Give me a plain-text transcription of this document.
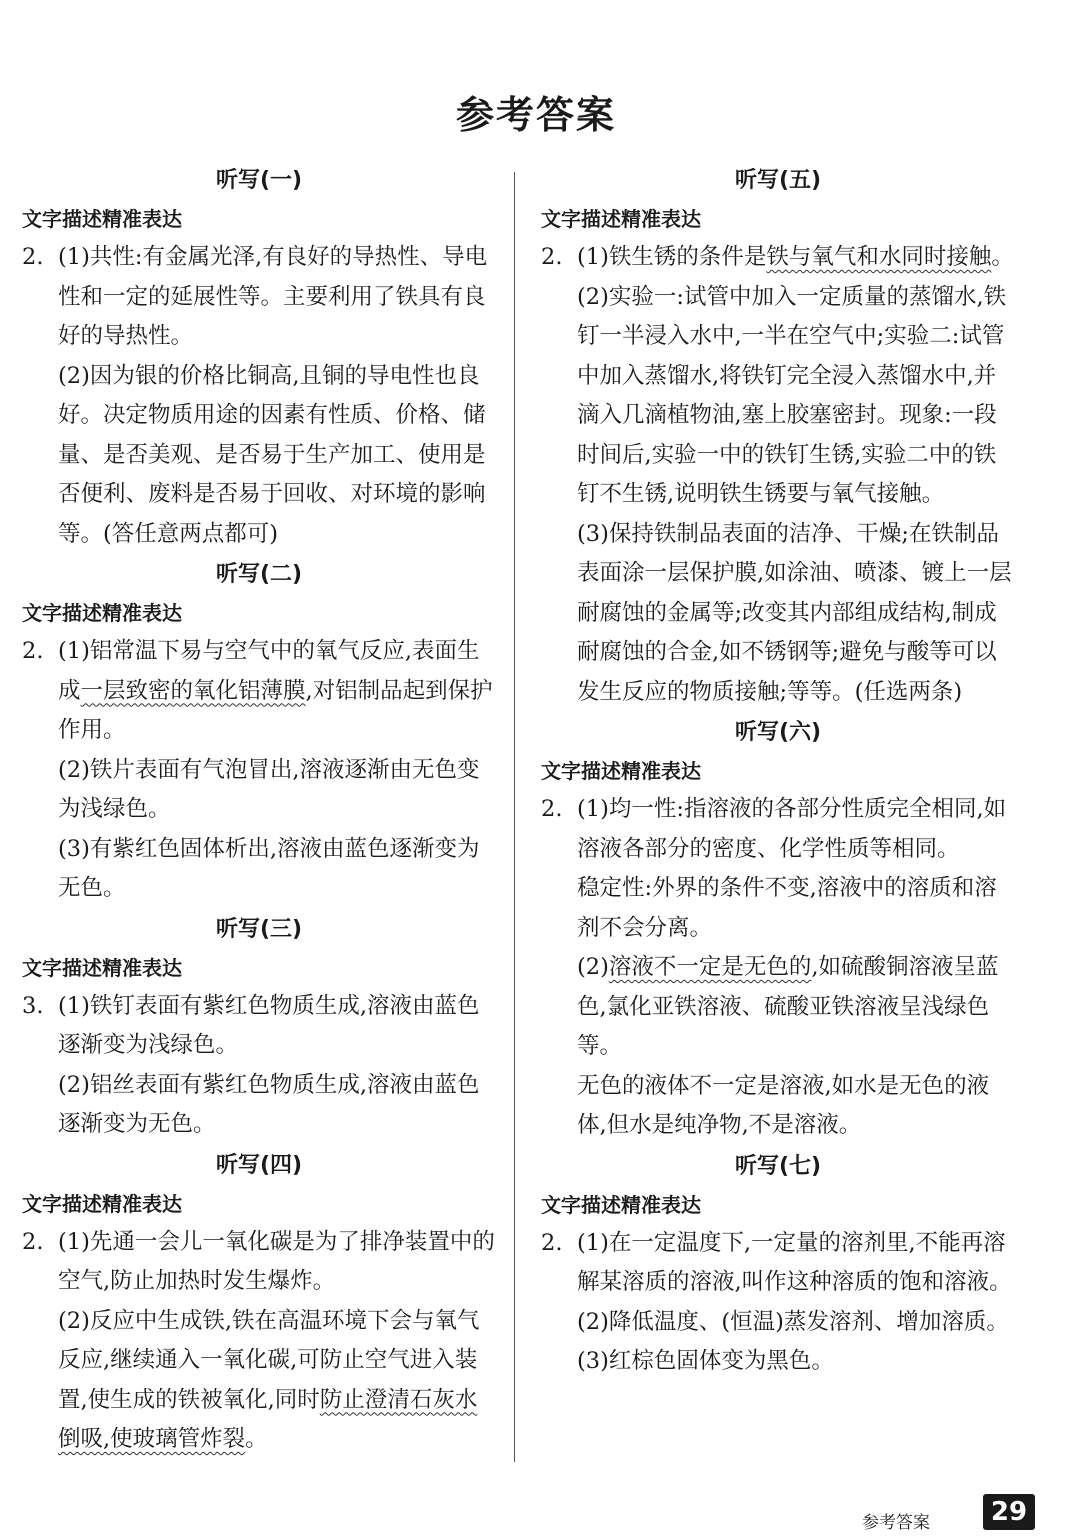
参考答案
听写(一)
文字描述精准表达
2. (1)共性:有金属光泽,有良好的导热性、导电性和一定的延展性等。主要利用了铁具有良好的导热性。
(2)因为银的价格比铜高,且铜的导电性也良好。决定物质用途的因素有性质、价格、储量、是否美观、是否易于生产加工、使用是否便利、废料是否易于回收、对环境的影响等。(答任意两点都可)
听写(二)
文字描述精准表达
2. (1)铝常温下易与空气中的氧气反应,表面生成一层致密的氧化铝薄膜,对铝制品起到保护作用。
(2)铁片表面有气泡冒出,溶液逐渐由无色变为浅绿色。
(3)有紫红色固体析出,溶液由蓝色逐渐变为无色。
听写(三)
文字描述精准表达
3. (1)铁钉表面有紫红色物质生成,溶液由蓝色逐渐变为浅绿色。
(2)铝丝表面有紫红色物质生成,溶液由蓝色逐渐变为无色。
听写(四)
文字描述精准表达
2. (1)先通一会儿一氧化碳是为了排净装置中的空气,防止加热时发生爆炸。
(2)反应中生成铁,铁在高温环境下会与氧气反应,继续通入一氧化碳,可防止空气进入装置,使生成的铁被氧化,同时防止澄清石灰水倒吸,使玻璃管炸裂。
听写(五)
文字描述精准表达
2. (1)铁生锈的条件是铁与氧气和水同时接触。
(2)实验一:试管中加入一定质量的蒸馏水,铁钉一半浸入水中,一半在空气中;实验二:试管中加入蒸馏水,将铁钉完全浸入蒸馏水中,并滴入几滴植物油,塞上胶塞密封。现象:一段时间后,实验一中的铁钉生锈,实验二中的铁钉不生锈,说明铁生锈要与氧气接触。
(3)保持铁制品表面的洁净、干燥;在铁制品表面涂一层保护膜,如涂油、喷漆、镀上一层耐腐蚀的金属等;改变其内部组成结构,制成耐腐蚀的合金,如不锈钢等;避免与酸等可以发生反应的物质接触;等等。(任选两条)
听写(六)
文字描述精准表达
2. (1)均一性:指溶液的各部分性质完全相同,如溶液各部分的密度、化学性质等相同。
稳定性:外界的条件不变,溶液中的溶质和溶剂不会分离。
(2)溶液不一定是无色的,如硫酸铜溶液呈蓝色,氯化亚铁溶液、硫酸亚铁溶液呈浅绿色等。
无色的液体不一定是溶液,如水是无色的液体,但水是纯净物,不是溶液。
听写(七)
文字描述精准表达
2. (1)在一定温度下,一定量的溶剂里,不能再溶解某溶质的溶液,叫作这种溶质的饱和溶液。
(2)降低温度、(恒温)蒸发溶剂、增加溶质。
(3)红棕色固体变为黑色。
参考答案	29
